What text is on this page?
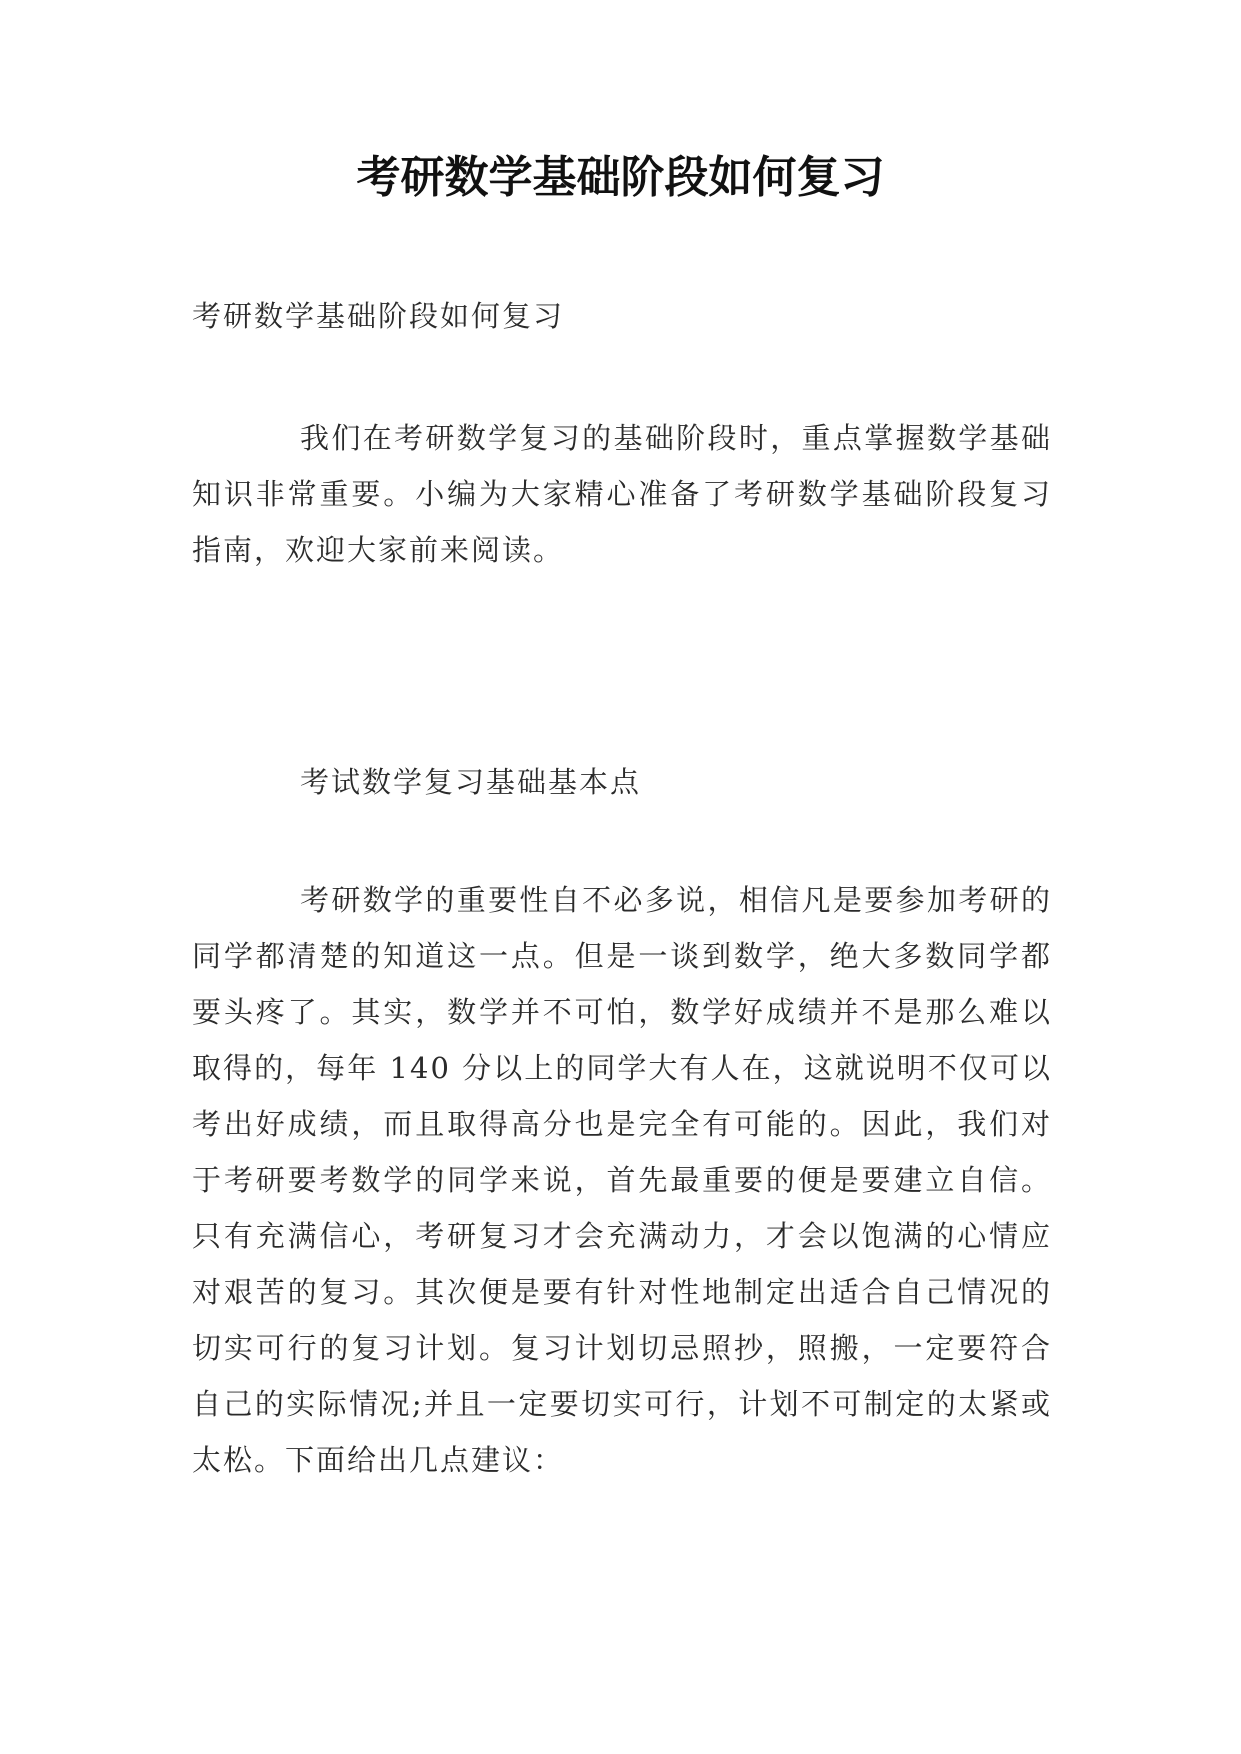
考研数学基础阶段如何复习

考研数学基础阶段如何复习

我们在考研数学复习的基础阶段时，重点掌握数学基础知识非常重要。小编为大家精心准备了考研数学基础阶段复习指南，欢迎大家前来阅读。

考试数学复习基础基本点

考研数学的重要性自不必多说，相信凡是要参加考研的同学都清楚的知道这一点。但是一谈到数学，绝大多数同学都要头疼了。其实，数学并不可怕，数学好成绩并不是那么难以取得的，每年 140 分以上的同学大有人在，这就说明不仅可以考出好成绩，而且取得高分也是完全有可能的。因此，我们对于考研要考数学的同学来说，首先最重要的便是要建立自信。只有充满信心，考研复习才会充满动力，才会以饱满的心情应对艰苦的复习。其次便是要有针对性地制定出适合自己情况的切实可行的复习计划。复习计划切忌照抄，照搬，一定要符合自己的实际情况;并且一定要切实可行，计划不可制定的太紧或太松。下面给出几点建议：
